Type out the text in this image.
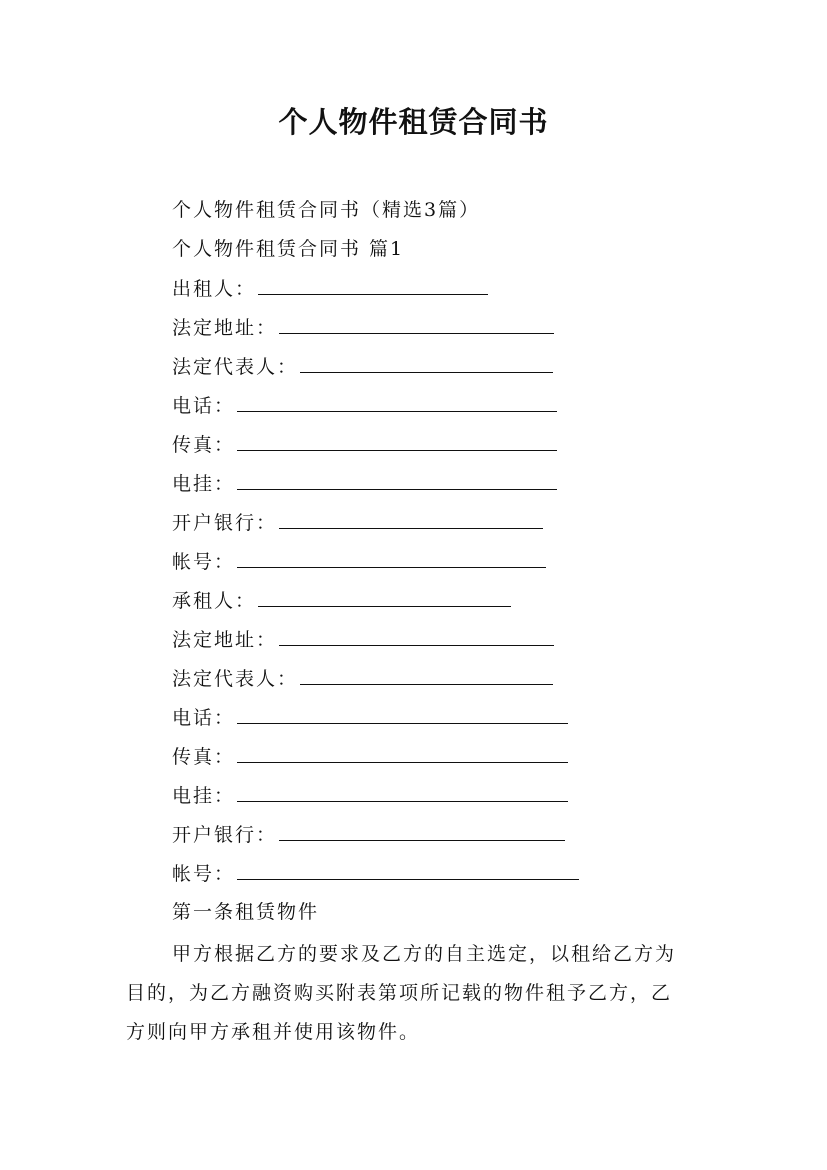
个人物件租赁合同书
个人物件租赁合同书（精选3篇）
个人物件租赁合同书 篇1
出租人：
法定地址：
法定代表人：
电话：
传真：
电挂：
开户银行：
帐号：
承租人：
法定地址：
法定代表人：
电话：
传真：
电挂：
开户银行：
帐号：
第一条租赁物件
甲方根据乙方的要求及乙方的自主选定，以租给乙方为
目的，为乙方融资购买附表第项所记载的物件租予乙方，乙
方则向甲方承租并使用该物件。
